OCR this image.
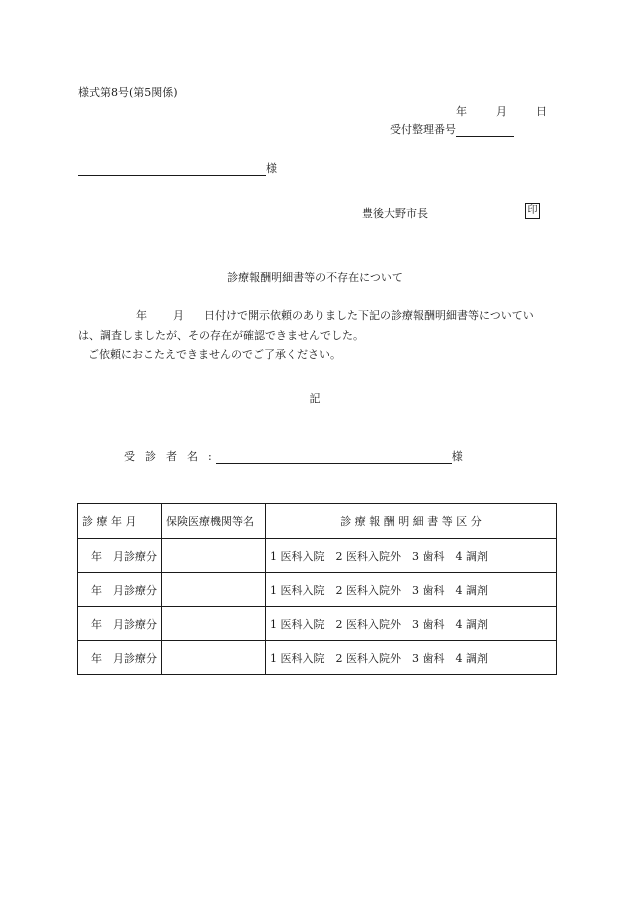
様式第8号(第5関係)
年	月	日
受付整理番号
様
豊後大野市長	印
診療報酬明細書等の不存在について
年 月 日付けで開示依頼のありました下記の診療報酬明細書等についてい
は、調査しましたが、その存在が確認できませんでした。
ご依頼におこたえできませんのでご了承ください。
記
受診者名:	様
診 療 年 月	保険医療機関等名	診 療 報 酬 明 細 書 等 区 分
年　月診療分		1 医科入院　2 医科入院外　3 歯科　4 調剤
年　月診療分		1 医科入院　2 医科入院外　3 歯科　4 調剤
年　月診療分		1 医科入院　2 医科入院外　3 歯科　4 調剤
年　月診療分		1 医科入院　2 医科入院外　3 歯科　4 調剤
